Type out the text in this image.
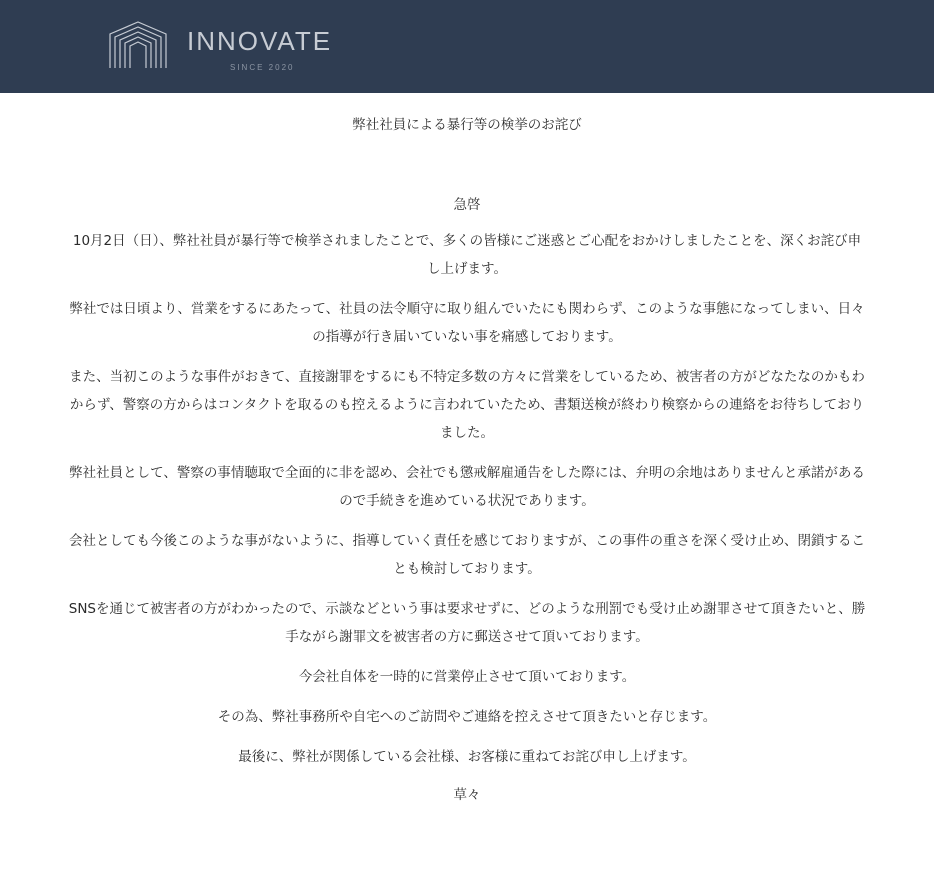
INNOVATE
SINCE 2020
弊社社員による暴行等の検挙のお詫び
急啓

10月2日（日）、弊社社員が暴行等で検挙されましたことで、多くの皆様にご迷惑とご心配をおかけしましたことを、深くお詫び申し上げます。

弊社では日頃より、営業をするにあたって、社員の法令順守に取り組んでいたにも関わらず、このような事態になってしまい、日々の指導が行き届いていない事を痛感しております。

また、当初このような事件がおきて、直接謝罪をするにも不特定多数の方々に営業をしているため、被害者の方がどなたなのかもわからず、警察の方からはコンタクトを取るのも控えるように言われていたため、書類送検が終わり検察からの連絡をお待ちしておりました。

弊社社員として、警察の事情聴取で全面的に非を認め、会社でも懲戒解雇通告をした際には、弁明の余地はありませんと承諾があるので手続きを進めている状況であります。

会社としても今後このような事がないように、指導していく責任を感じておりますが、この事件の重さを深く受け止め、閉鎖することも検討しております。

SNSを通じて被害者の方がわかったので、示談などという事は要求せずに、どのような刑罰でも受け止め謝罪させて頂きたいと、勝手ながら謝罪文を被害者の方に郵送させて頂いております。

今会社自体を一時的に営業停止させて頂いております。

その為、弊社事務所や自宅へのご訪問やご連絡を控えさせて頂きたいと存じます。

最後に、弊社が関係している会社様、お客様に重ねてお詫び申し上げます。

草々
